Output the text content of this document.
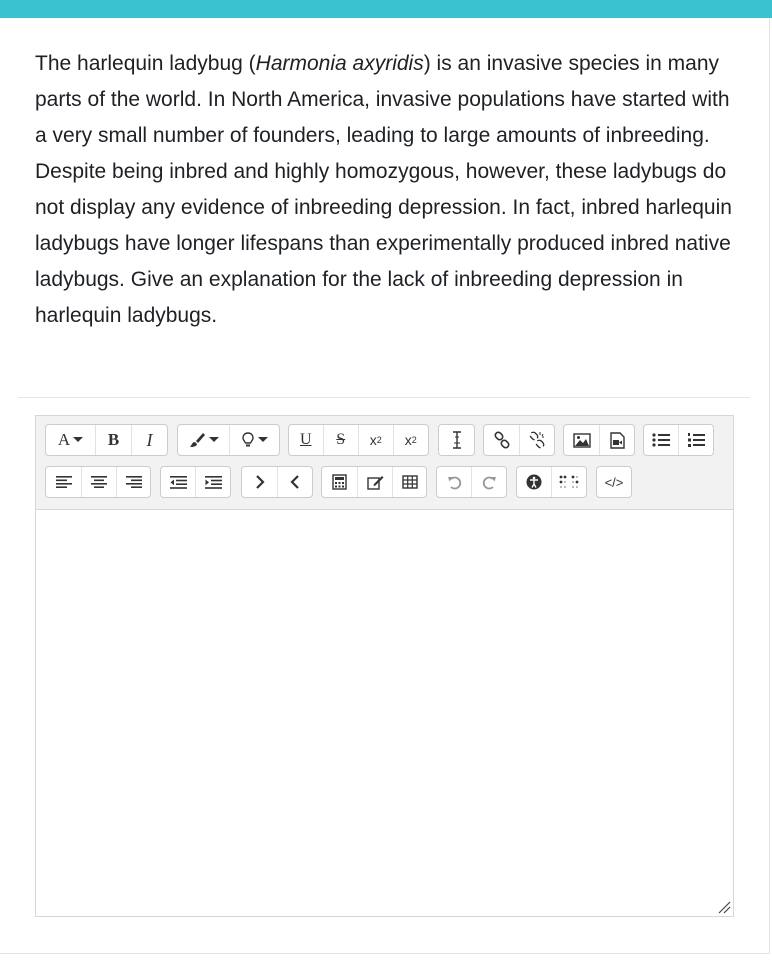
The harlequin ladybug (Harmonia axyridis) is an invasive species in many parts of the world. In North America, invasive populations have started with a very small number of founders, leading to large amounts of inbreeding. Despite being inbred and highly homozygous, however, these ladybugs do not display any evidence of inbreeding depression. In fact, inbred harlequin ladybugs have longer lifespans than experimentally produced inbred native ladybugs. Give an explanation for the lack of inbreeding depression in harlequin ladybugs.

A B I	U S x 2 x 2
</>
